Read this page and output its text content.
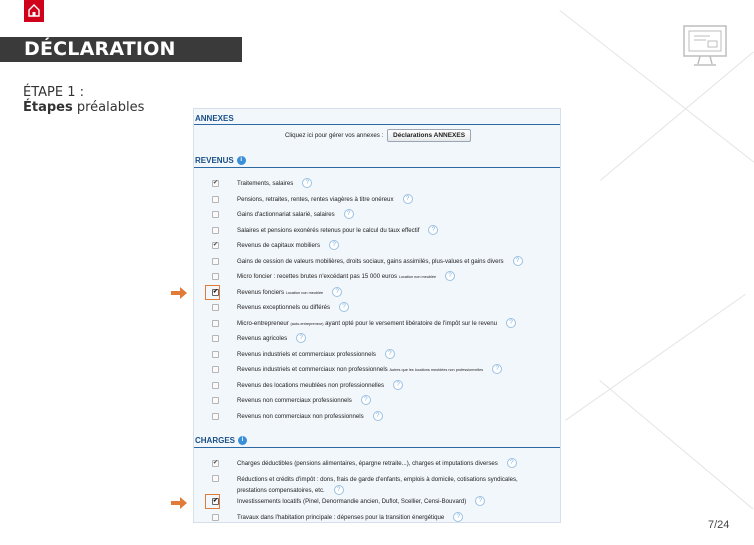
DÉCLARATION PINEL
ÉTAPE 1 :
Étapes préalables
ANNEXES
Cliquez ici pour gérer vos annexes : Déclarations ANNEXES
REVENUS i
✔	Traitements, salaires ?
Pensions, retraites, rentes, rentes viagères à titre onéreux ?
Gains d'actionnariat salarié, salaires ?
Salaires et pensions exonérés retenus pour le calcul du taux effectif ?
✔	Revenus de capitaux mobiliers ?
Gains de cession de valeurs mobilières, droits sociaux, gains assimilés, plus-values et gains divers ?
Micro foncier : recettes brutes n'excédant pas 15 000 euros Location non meublée ?
✔	Revenus fonciers Location non meublée ?
Revenus exceptionnels ou différés ?
Micro-entrepreneur (auto-entrepreneur) ayant opté pour le versement libératoire de l'impôt sur le revenu ?
Revenus agricoles ?
Revenus industriels et commerciaux professionnels ?
Revenus industriels et commerciaux non professionnels Autres que les locations meublées non professionnelles ?
Revenus des locations meublées non professionnelles ?
Revenus non commerciaux professionnels ?
Revenus non commerciaux non professionnels ?
CHARGES i
✔	Charges déductibles (pensions alimentaires, épargne retraite...), charges et imputations diverses ?
Réductions et crédits d'impôt : dons, frais de garde d'enfants, emplois à domicile, cotisations syndicales,
prestations compensatoires, etc. ?
✔	Investissements locatifs (Pinel, Denormandie ancien, Duflot, Scellier, Censi-Bouvard) ?
Travaux dans l'habitation principale : dépenses pour la transition énergétique ?
7/24
